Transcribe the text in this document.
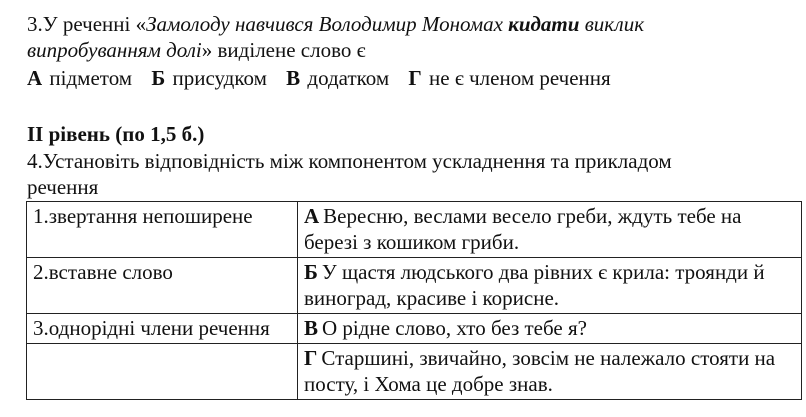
3.У реченні «Замолоду навчився Володимир Мономах кидати виклик
випробуванням долі» виділене слово є
А підметом Б присудком В додатком Г не є членом речення
ІІ рівень (по 1,5 б.)
4.Установіть відповідність між компонентом ускладнення та прикладом
речення
1.звертання непоширене	А Вересню, веслами весело греби, ждуть тебе на березі з кошиком гриби.
2.вставне слово	Б У щастя людського два рівних є крила: троянди й виноград, красиве і корисне.
3.однорідні члени речення	В О рідне слово, хто без тебе я?
	Г Старшині, звичайно, зовсім не належало стояти на посту, і Хома це добре знав.
